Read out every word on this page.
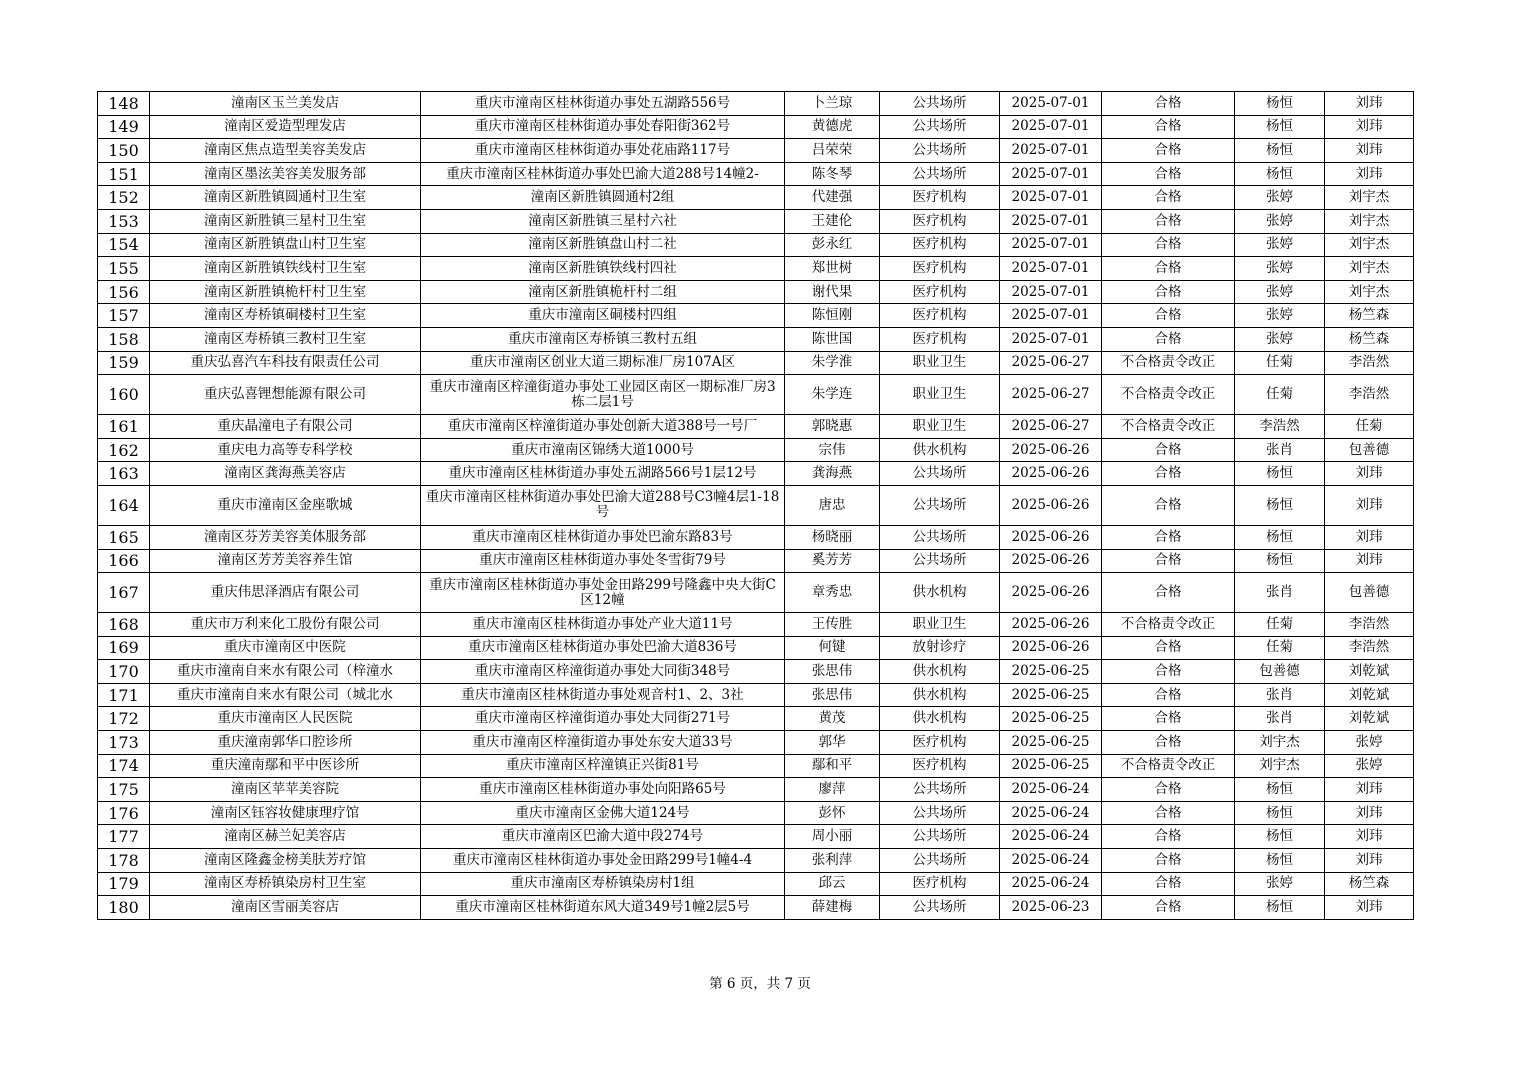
148	潼南区玉兰美发店	重庆市潼南区桂林街道办事处五湖路556号	卜兰琼	公共场所	2025-07-01	合格	杨恒	刘玮
149	潼南区爱造型理发店	重庆市潼南区桂林街道办事处春阳街362号	黄德虎	公共场所	2025-07-01	合格	杨恒	刘玮
150	潼南区焦点造型美容美发店	重庆市潼南区桂林街道办事处花庙路117号	吕荣荣	公共场所	2025-07-01	合格	杨恒	刘玮
151	潼南区墨泫美容美发服务部	重庆市潼南区桂林街道办事处巴渝大道288号14幢2-	陈冬琴	公共场所	2025-07-01	合格	杨恒	刘玮
152	潼南区新胜镇圆通村卫生室	潼南区新胜镇圆通村2组	代建强	医疗机构	2025-07-01	合格	张婷	刘宇杰
153	潼南区新胜镇三星村卫生室	潼南区新胜镇三星村六社	王建伦	医疗机构	2025-07-01	合格	张婷	刘宇杰
154	潼南区新胜镇盘山村卫生室	潼南区新胜镇盘山村二社	彭永红	医疗机构	2025-07-01	合格	张婷	刘宇杰
155	潼南区新胜镇铁线村卫生室	潼南区新胜镇铁线村四社	郑世树	医疗机构	2025-07-01	合格	张婷	刘宇杰
156	潼南区新胜镇桅杆村卫生室	潼南区新胜镇桅杆村二组	谢代果	医疗机构	2025-07-01	合格	张婷	刘宇杰
157	潼南区寿桥镇硐楼村卫生室	重庆市潼南区硐楼村四组	陈恒刚	医疗机构	2025-07-01	合格	张婷	杨竺森
158	潼南区寿桥镇三教村卫生室	重庆市潼南区寿桥镇三教村五组	陈世国	医疗机构	2025-07-01	合格	张婷	杨竺森
159	重庆弘喜汽车科技有限责任公司	重庆市潼南区创业大道三期标准厂房107A区	朱学淮	职业卫生	2025-06-27	不合格责令改正	任菊	李浩然
160	重庆弘喜锂想能源有限公司	重庆市潼南区梓潼街道办事处工业园区南区一期标准厂房3栋二层1号	朱学连	职业卫生	2025-06-27	不合格责令改正	任菊	李浩然
161	重庆晶潼电子有限公司	重庆市潼南区梓潼街道办事处创新大道388号一号厂	郭晓惠	职业卫生	2025-06-27	不合格责令改正	李浩然	任菊
162	重庆电力高等专科学校	重庆市潼南区锦绣大道1000号	宗伟	供水机构	2025-06-26	合格	张肖	包善德
163	潼南区龚海燕美容店	重庆市潼南区桂林街道办事处五湖路566号1层12号	龚海燕	公共场所	2025-06-26	合格	杨恒	刘玮
164	重庆市潼南区金座歌城	重庆市潼南区桂林街道办事处巴渝大道288号C3幢4层1-18号	唐忠	公共场所	2025-06-26	合格	杨恒	刘玮
165	潼南区芬芳美容美体服务部	重庆市潼南区桂林街道办事处巴渝东路83号	杨晓丽	公共场所	2025-06-26	合格	杨恒	刘玮
166	潼南区芳芳美容养生馆	重庆市潼南区桂林街道办事处冬雪街79号	奚芳芳	公共场所	2025-06-26	合格	杨恒	刘玮
167	重庆伟思泽酒店有限公司	重庆市潼南区桂林街道办事处金田路299号隆鑫中央大街C区12幢	章秀忠	供水机构	2025-06-26	合格	张肖	包善德
168	重庆市万利来化工股份有限公司	重庆市潼南区桂林街道办事处产业大道11号	王传胜	职业卫生	2025-06-26	不合格责令改正	任菊	李浩然
169	重庆市潼南区中医院	重庆市潼南区桂林街道办事处巴渝大道836号	何键	放射诊疗	2025-06-26	合格	任菊	李浩然
170	重庆市潼南自来水有限公司（梓潼水	重庆市潼南区梓潼街道办事处大同街348号	张思伟	供水机构	2025-06-25	合格	包善德	刘乾斌
171	重庆市潼南自来水有限公司（城北水	重庆市潼南区桂林街道办事处观音村1、2、3社	张思伟	供水机构	2025-06-25	合格	张肖	刘乾斌
172	重庆市潼南区人民医院	重庆市潼南区梓潼街道办事处大同街271号	黄茂	供水机构	2025-06-25	合格	张肖	刘乾斌
173	重庆潼南郭华口腔诊所	重庆市潼南区梓潼街道办事处东安大道33号	郭华	医疗机构	2025-06-25	合格	刘宇杰	张婷
174	重庆潼南鄢和平中医诊所	重庆市潼南区梓潼镇正兴街81号	鄢和平	医疗机构	2025-06-25	不合格责令改正	刘宇杰	张婷
175	潼南区苹苹美容院	重庆市潼南区桂林街道办事处向阳路65号	廖萍	公共场所	2025-06-24	合格	杨恒	刘玮
176	潼南区钰容妆健康理疗馆	重庆市潼南区金佛大道124号	彭怀	公共场所	2025-06-24	合格	杨恒	刘玮
177	潼南区赫兰妃美容店	重庆市潼南区巴渝大道中段274号	周小丽	公共场所	2025-06-24	合格	杨恒	刘玮
178	潼南区隆鑫金榜美肤芳疗馆	重庆市潼南区桂林街道办事处金田路299号1幢4-4	张利萍	公共场所	2025-06-24	合格	杨恒	刘玮
179	潼南区寿桥镇染房村卫生室	重庆市潼南区寿桥镇染房村1组	邱云	医疗机构	2025-06-24	合格	张婷	杨竺森
180	潼南区雪丽美容店	重庆市潼南区桂林街道东风大道349号1幢2层5号	薛建梅	公共场所	2025-06-23	合格	杨恒	刘玮
第 6 页，共 7 页
